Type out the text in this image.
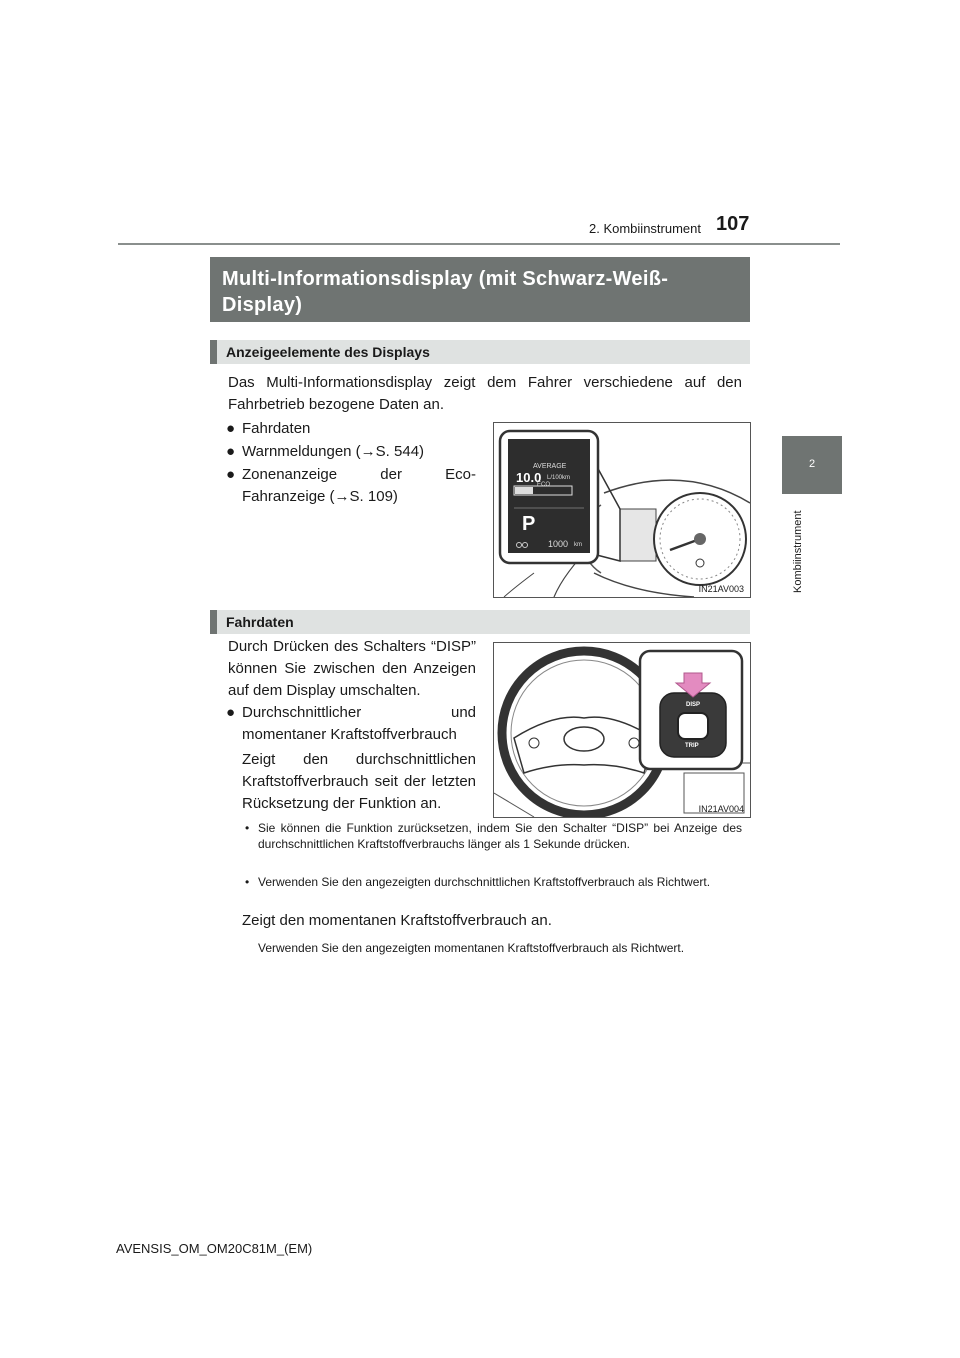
107
2. Kombiinstrument
2
Kombiinstrument
Multi-Informationsdisplay (mit Schwarz-Weiß-Display)
Anzeigeelemente des Displays
Das Multi-Informationsdisplay zeigt dem Fahrer verschiedene auf den Fahrbetrieb bezogene Daten an.
● Fahrdaten
● Warnmeldungen (→S. 544)
● Zonenanzeige der Eco-Fahranzeige (→S. 109)
AVERAGE
10.0 L/100km
ECO
P
1000 km
IN21AV003
Fahrdaten
Durch Drücken des Schalters “DISP” können Sie zwischen den Anzeigen auf dem Display umschalten.
● Durchschnittlicher und momentaner Kraftstoffverbrauch
Zeigt den durchschnittlichen Kraftstoffverbrauch seit der letzten Rücksetzung der Funktion an.
DISP
TRIP
IN21AV004
• Sie können die Funktion zurücksetzen, indem Sie den Schalter “DISP” bei Anzeige des durchschnittlichen Kraftstoffverbrauchs länger als 1 Sekunde drücken.
• Verwenden Sie den angezeigten durchschnittlichen Kraftstoffverbrauch als Richtwert.
Zeigt den momentanen Kraftstoffverbrauch an.
Verwenden Sie den angezeigten momentanen Kraftstoffverbrauch als Richtwert.
AVENSIS_OM_OM20C81M_(EM)
